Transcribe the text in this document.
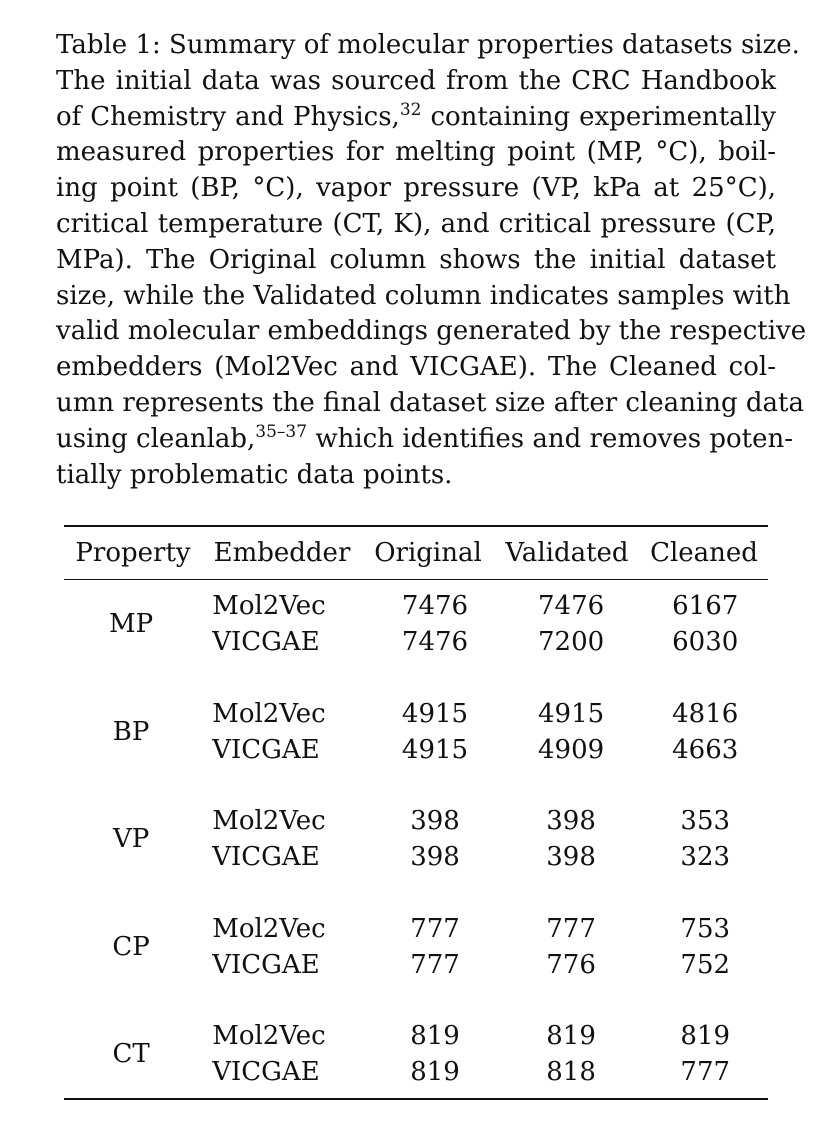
Table 1: Summary of molecular properties datasets size.
The initial data was sourced from the CRC Handbook
of Chemistry and Physics,$^{32}$ containing experimentally
measured properties for melting point (MP, °C), boil-
ing point (BP, °C), vapor pressure (VP, kPa at 25°C),
critical temperature (CT, K), and critical pressure (CP,
MPa). The Original column shows the initial dataset
size, while the Validated column indicates samples with
valid molecular embeddings generated by the respective
embedders (Mol2Vec and VICGAE). The Cleaned col-
umn represents the final dataset size after cleaning data
using cleanlab,$^{35-37}$ which identifies and removes poten-
tially problematic data points.
Property	Embedder	Original	Validated	Cleaned

MP	Mol2Vec	7476	7476	6167
	VICGAE	7476	7200	6030

BP	Mol2Vec	4915	4915	4816
	VICGAE	4915	4909	4663

VP	Mol2Vec	398	398	353
	VICGAE	398	398	323

CP	Mol2Vec	777	777	753
	VICGAE	777	776	752

CT	Mol2Vec	819	819	819
	VICGAE	819	818	777
